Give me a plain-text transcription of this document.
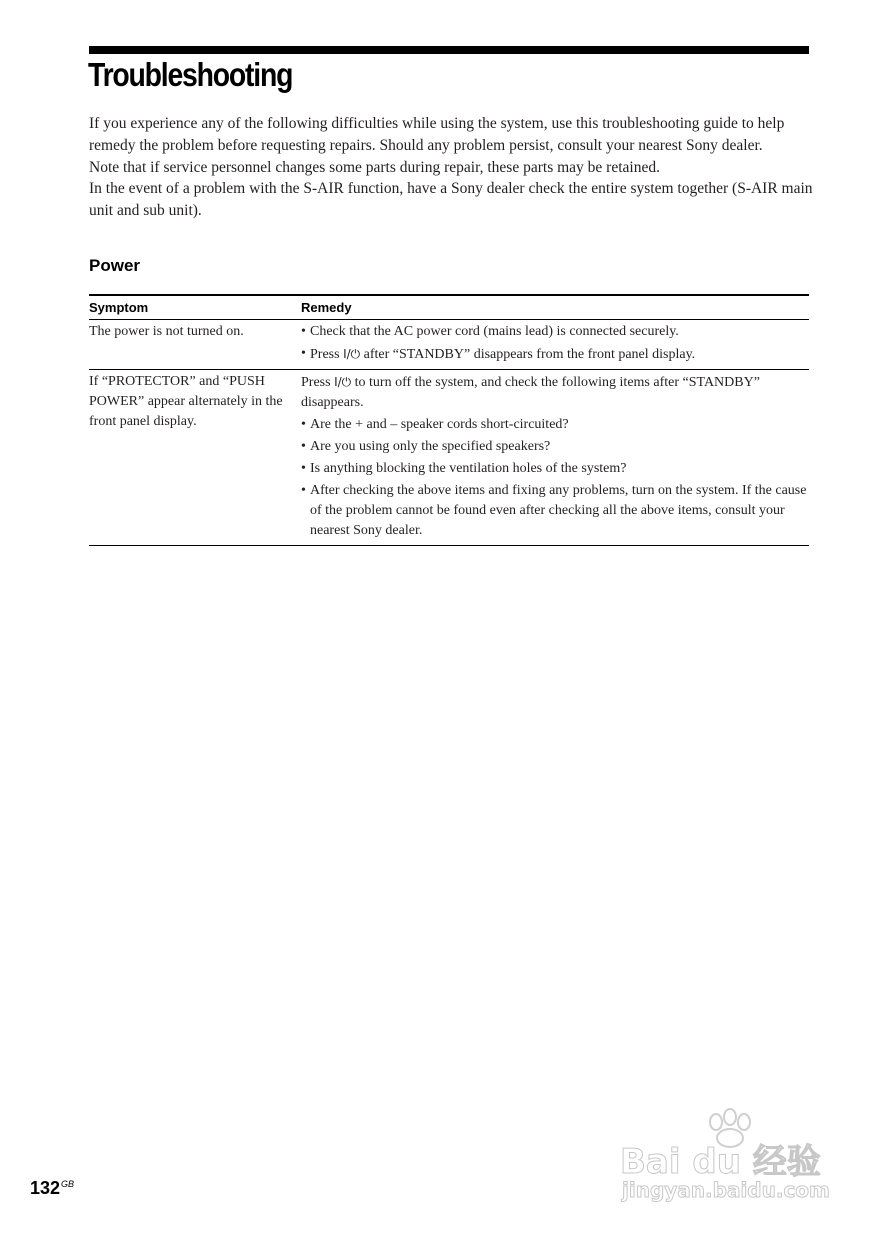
Troubleshooting

If you experience any of the following difficulties while using the system, use this troubleshooting guide to help remedy the problem before requesting repairs. Should any problem persist, consult your nearest Sony dealer.

Note that if service personnel changes some parts during repair, these parts may be retained.

In the event of a problem with the S-AIR function, have a Sony dealer check the entire system together (S-AIR main unit and sub unit).

Power
Symptom	Remedy
The power is not turned on.
•	Check that the AC power cord (mains lead) is connected securely.
• Press I/⏻ after “STANDBY” disappears from the front panel display.
If “PROTECTOR” and “PUSH POWER” appear alternately in the front panel display.

Press I/⏻ to turn off the system, and check the following items after “STANDBY” disappears.

• Are the + and – speaker cords short-circuited?
• Are you using only the specified speakers?
• Is anything blocking the ventilation holes of the system?
• After checking the above items and fixing any problems, turn on the system. If the cause of the problem cannot be found even after checking all the above items, consult your nearest Sony dealer.
$132^{GB}$
Bai du 经验
jingyan.baidu.com
